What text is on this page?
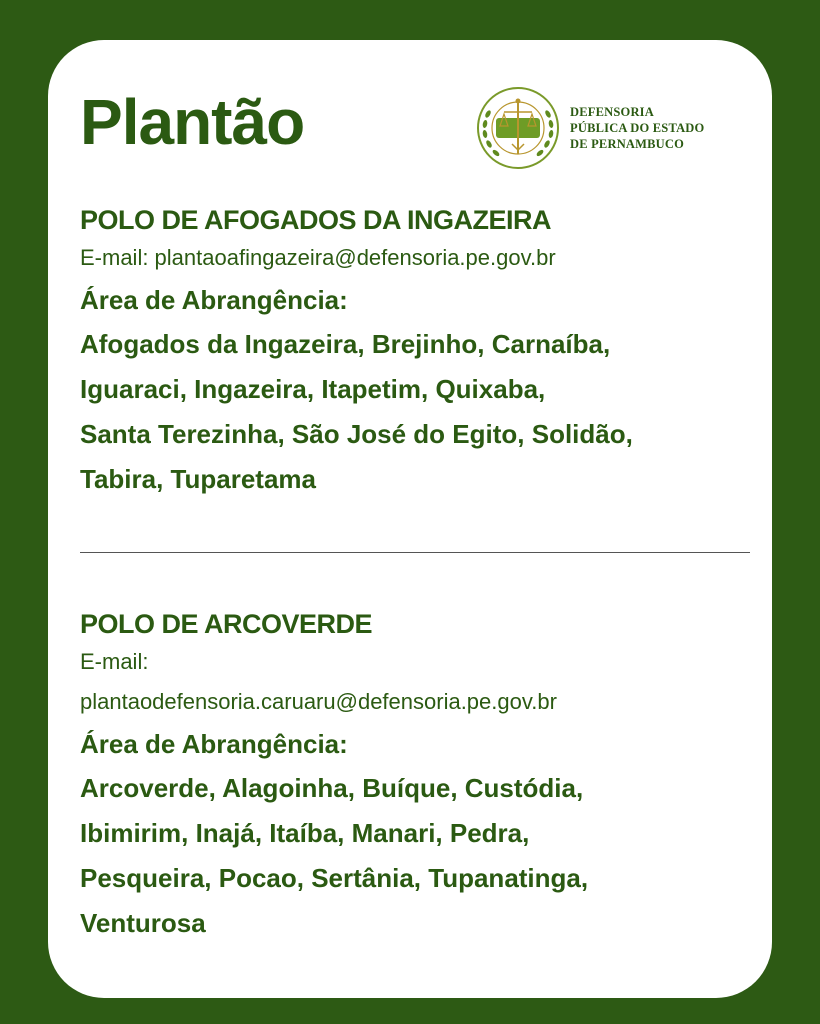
Plantão	DEFENSORIA
PÚBLICA DO ESTADO
DE PERNAMBUCO
POLO DE AFOGADOS DA INGAZEIRA
E-mail: plantaoafingazeira@defensoria.pe.gov.br
Área de Abrangência:
Afogados da Ingazeira, Brejinho, Carnaíba,
Iguaraci, Ingazeira, Itapetim, Quixaba,
Santa Terezinha, São José do Egito, Solidão,
Tabira, Tuparetama
POLO DE ARCOVERDE
E-mail:
plantaodefensoria.caruaru@defensoria.pe.gov.br
Área de Abrangência:
Arcoverde, Alagoinha, Buíque, Custódia,
Ibimirim, Inajá, Itaíba, Manari, Pedra,
Pesqueira, Pocao, Sertânia, Tupanatinga,
Venturosa
